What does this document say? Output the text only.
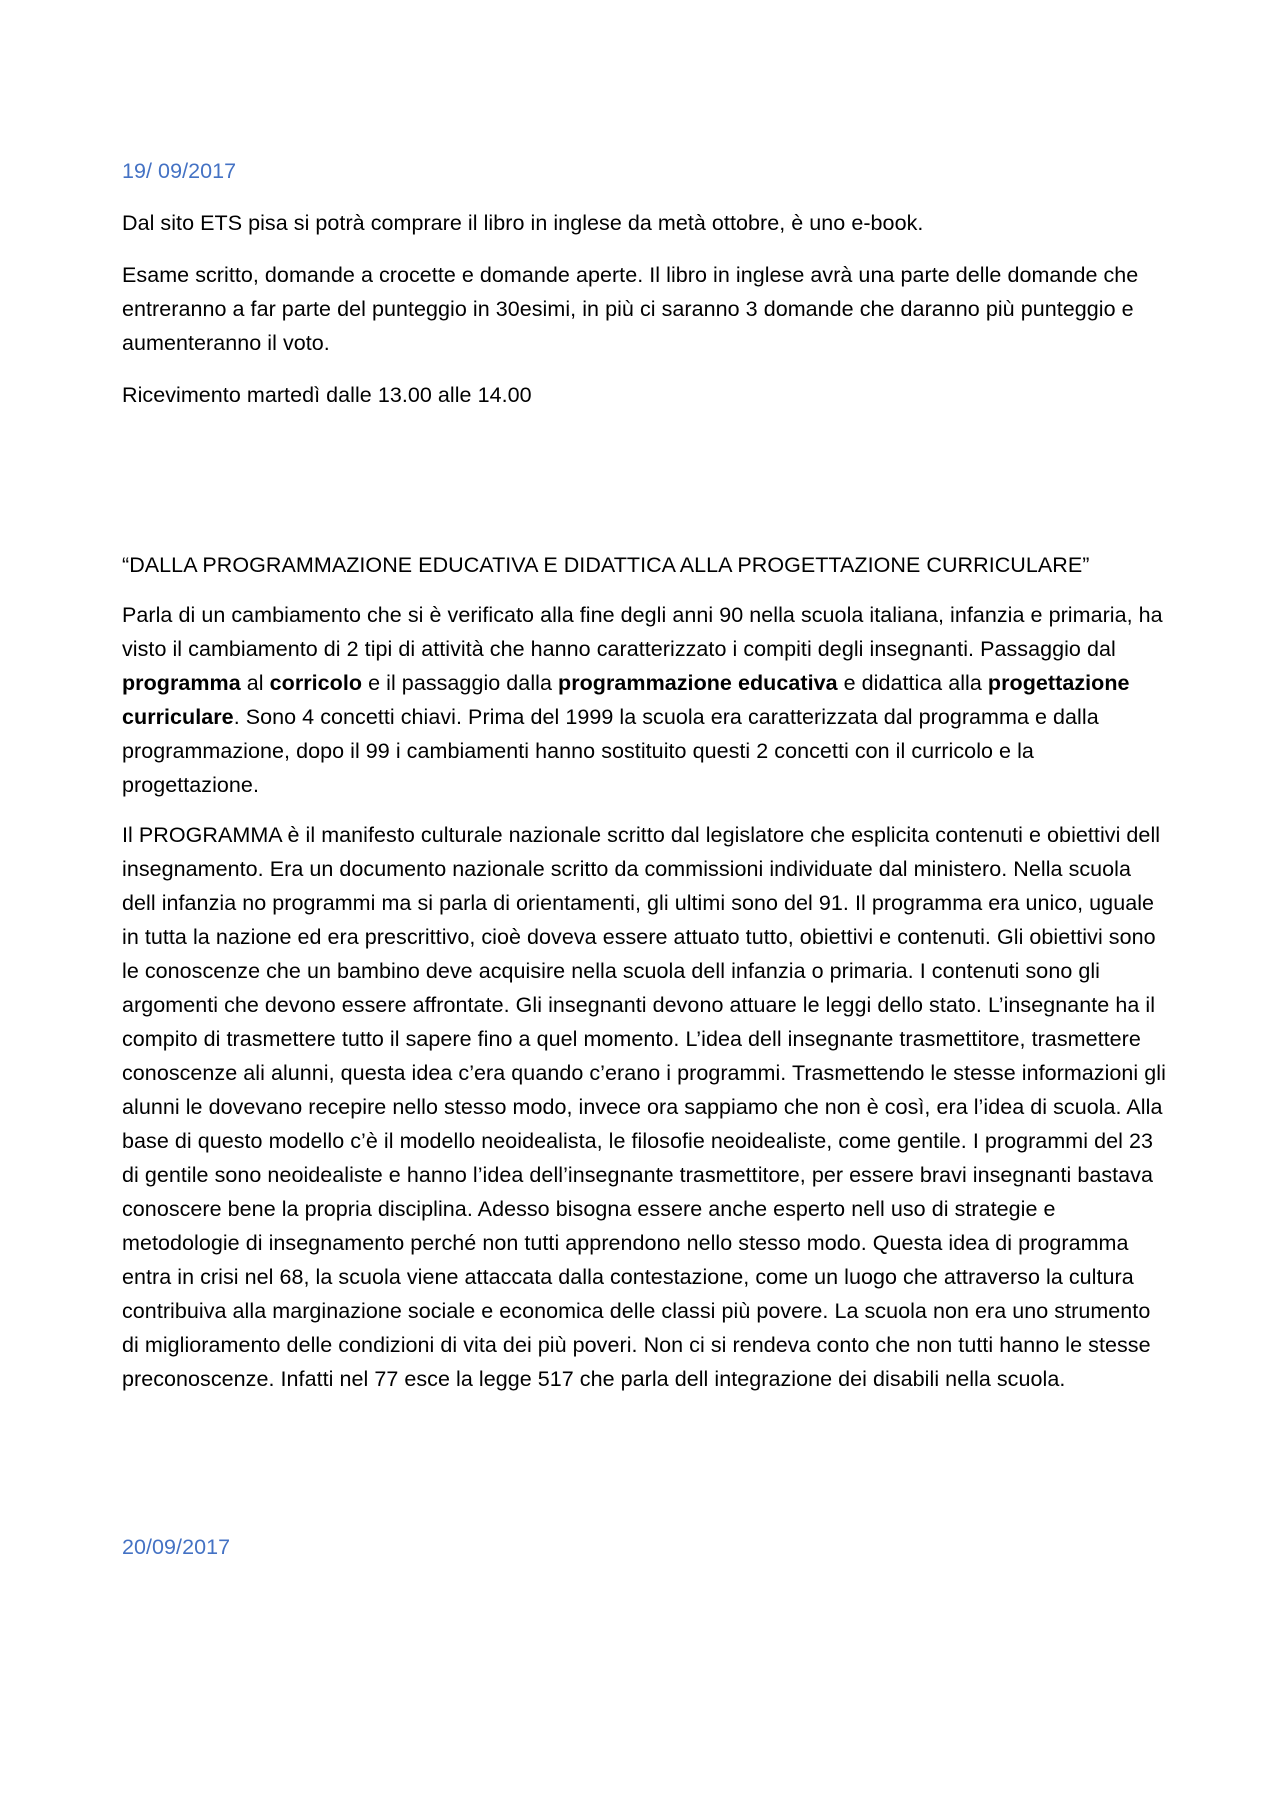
19/ 09/2017

Dal sito ETS pisa si potrà comprare il libro in inglese da metà ottobre, è uno e-book.

Esame scritto, domande a crocette e domande aperte. Il libro in inglese avrà una parte delle domande che entreranno a far parte del punteggio in 30esimi, in più ci saranno 3 domande che daranno più punteggio e aumenteranno il voto.

Ricevimento martedì dalle 13.00 alle 14.00

“DALLA PROGRAMMAZIONE EDUCATIVA E DIDATTICA ALLA PROGETTAZIONE CURRICULARE”

Parla di un cambiamento che si è verificato alla fine degli anni 90 nella scuola italiana, infanzia e primaria, ha visto il cambiamento di 2 tipi di attività che hanno caratterizzato i compiti degli insegnanti. Passaggio dal programma al corricolo e il passaggio dalla programmazione educativa e didattica alla progettazione curriculare. Sono 4 concetti chiavi. Prima del 1999 la scuola era caratterizzata dal programma e dalla programmazione, dopo il 99 i cambiamenti hanno sostituito questi 2 concetti con il curricolo e la progettazione.

Il PROGRAMMA è il manifesto culturale nazionale scritto dal legislatore che esplicita contenuti e obiettivi dell insegnamento. Era un documento nazionale scritto da commissioni individuate dal ministero. Nella scuola dell infanzia no programmi ma si parla di orientamenti, gli ultimi sono del 91. Il programma era unico, uguale in tutta la nazione ed era prescrittivo, cioè doveva essere attuato tutto, obiettivi e contenuti. Gli obiettivi sono le conoscenze che un bambino deve acquisire nella scuola dell infanzia o primaria. I contenuti sono gli argomenti che devono essere affrontate. Gli insegnanti devono attuare le leggi dello stato. L’insegnante ha il compito di trasmettere tutto il sapere fino a quel momento. L’idea dell insegnante trasmettitore, trasmettere conoscenze ali alunni, questa idea c’era quando c’erano i programmi. Trasmettendo le stesse informazioni gli alunni le dovevano recepire nello stesso modo, invece ora sappiamo che non è così, era l’idea di scuola. Alla base di questo modello c’è il modello neoidealista, le filosofie neoidealiste, come gentile. I programmi del 23 di gentile sono neoidealiste e hanno l’idea dell’insegnante trasmettitore, per essere bravi insegnanti bastava conoscere bene la propria disciplina. Adesso bisogna essere anche esperto nell uso di strategie e metodologie di insegnamento perché non tutti apprendono nello stesso modo. Questa idea di programma entra in crisi nel 68, la scuola viene attaccata dalla contestazione, come un luogo che attraverso la cultura contribuiva alla marginazione sociale e economica delle classi più povere. La scuola non era uno strumento di miglioramento delle condizioni di vita dei più poveri. Non ci si rendeva conto che non tutti hanno le stesse preconoscenze. Infatti nel 77 esce la legge 517 che parla dell integrazione dei disabili nella scuola.

20/09/2017
